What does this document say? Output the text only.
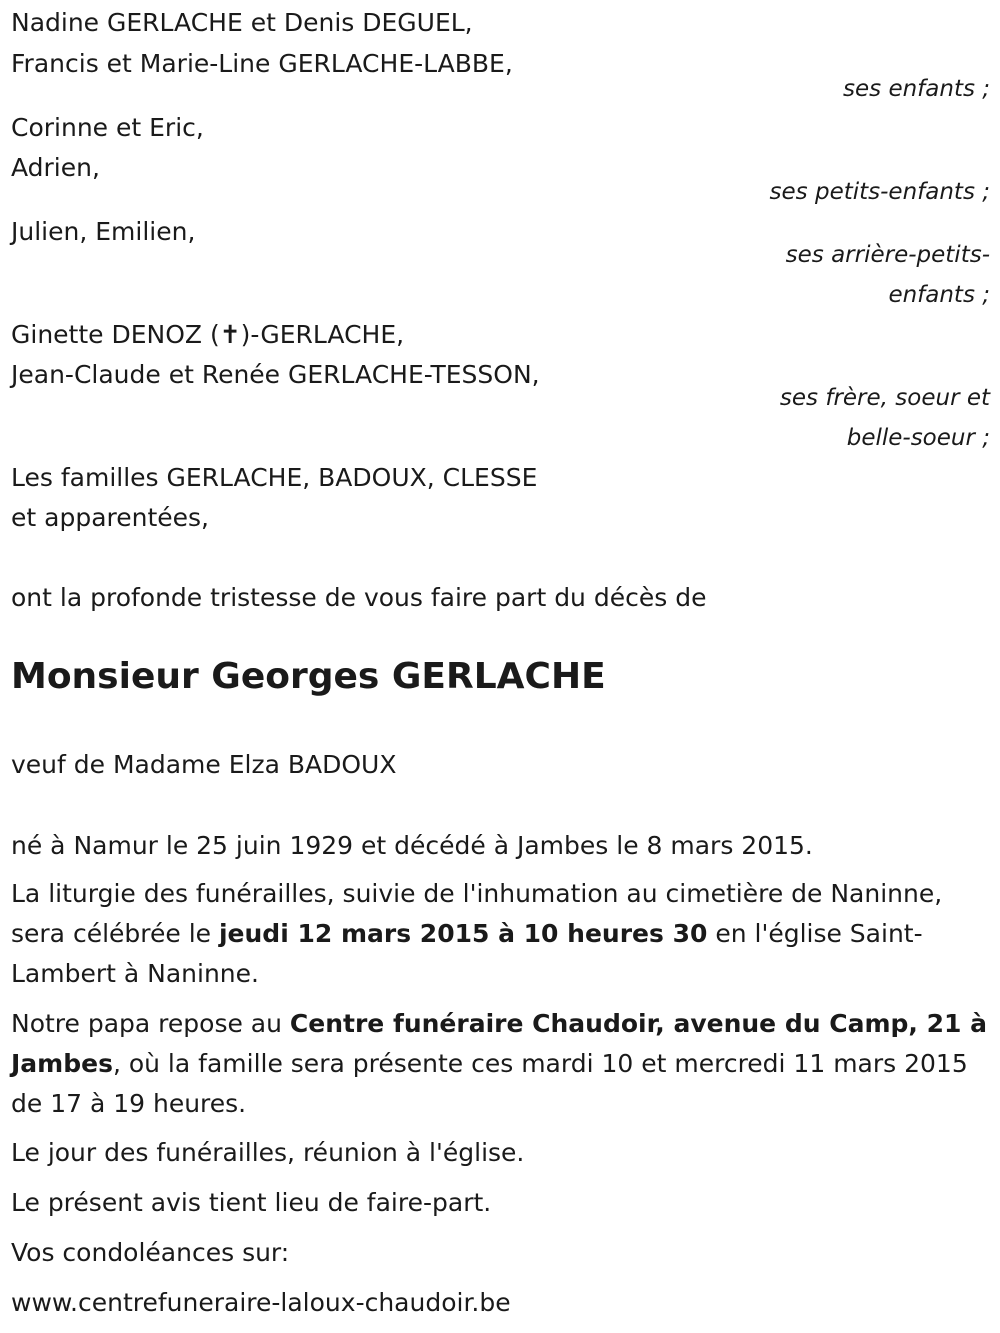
Nadine GERLACHE et Denis DEGUEL,

Francis et Marie-Line GERLACHE-LABBE,

ses enfants ;

Corinne et Eric,

Adrien,

ses petits-enfants ;

Julien, Emilien,

ses arrière-petits-

enfants ;

Ginette DENOZ (✝)-GERLACHE,

Jean-Claude et Renée GERLACHE-TESSON,

ses frère, soeur et

belle-soeur ;

Les familles GERLACHE, BADOUX, CLESSE

et apparentées,

ont la profonde tristesse de vous faire part du décès de

Monsieur Georges GERLACHE

veuf de Madame Elza BADOUX

né à Namur le 25 juin 1929 et décédé à Jambes le 8 mars 2015.

La liturgie des funérailles, suivie de l'inhumation au cimetière de Naninne, sera célébrée le jeudi 12 mars 2015 à 10 heures 30 en l'église Saint-Lambert à Naninne.

Notre papa repose au Centre funéraire Chaudoir, avenue du Camp, 21 à Jambes, où la famille sera présente ces mardi 10 et mercredi 11 mars 2015 de 17 à 19 heures.

Le jour des funérailles, réunion à l'église.

Le présent avis tient lieu de faire-part.

Vos condoléances sur:

www.centrefuneraire-laloux-chaudoir.be
